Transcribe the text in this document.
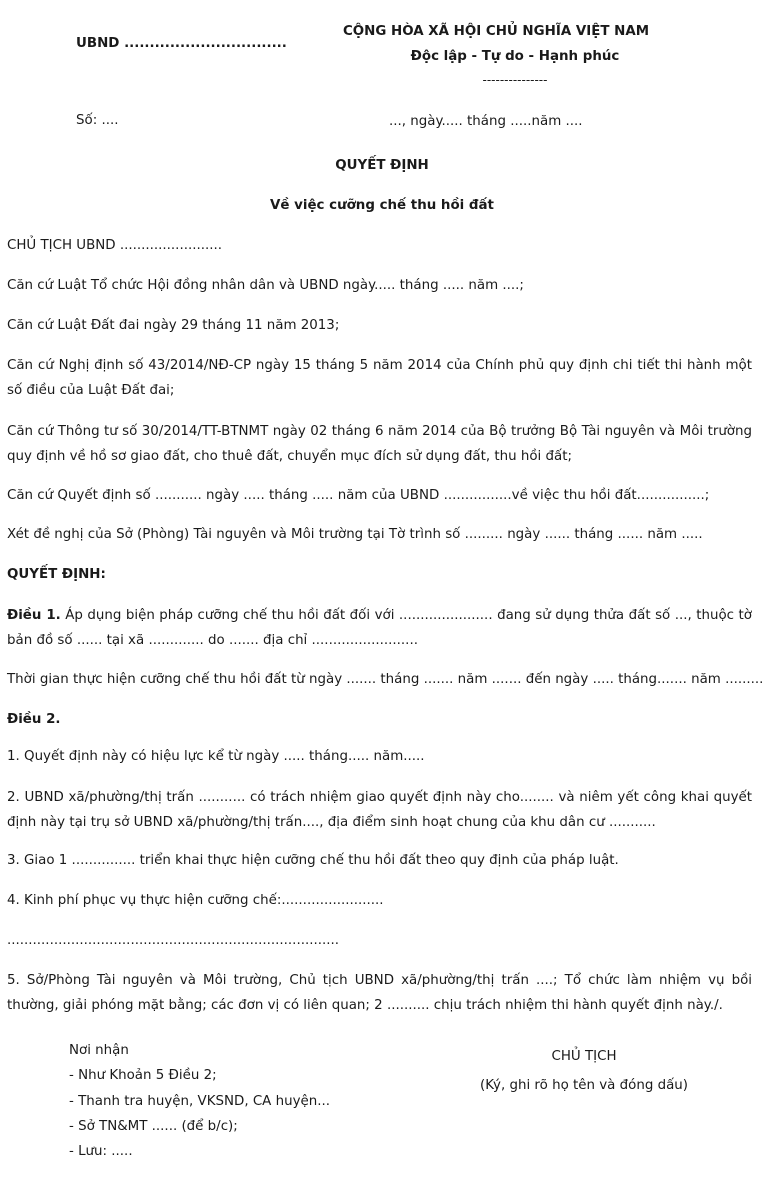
UBND ................................
CỘNG HÒA XÃ HỘI CHỦ NGHĨA VIỆT NAM
Độc lập - Tự do - Hạnh phúc
---------------
Số: ....	..., ngày..... tháng .....năm ....
QUYẾT ĐỊNH
Về việc cưỡng chế thu hồi đất
CHỦ TỊCH UBND ........................
Căn cứ Luật Tổ chức Hội đồng nhân dân và UBND ngày..... tháng ..... năm ....;
Căn cứ Luật Đất đai ngày 29 tháng 11 năm 2013;
Căn cứ Nghị định số 43/2014/NĐ-CP ngày 15 tháng 5 năm 2014 của Chính phủ quy định chi tiết thi hành một số điều của Luật Đất đai;
Căn cứ Thông tư số 30/2014/TT-BTNMT ngày 02 tháng 6 năm 2014 của Bộ trưởng Bộ Tài nguyên và Môi trường quy định về hồ sơ giao đất, cho thuê đất, chuyển mục đích sử dụng đất, thu hồi đất;
Căn cứ Quyết định số ........... ngày ..... tháng ..... năm của UBND ................về việc thu hồi đất................;
Xét đề nghị của Sở (Phòng) Tài nguyên và Môi trường tại Tờ trình số ......... ngày ...... tháng ...... năm .....
QUYẾT ĐỊNH:
Điều 1. Áp dụng biện pháp cưỡng chế thu hồi đất đối với ...................... đang sử dụng thửa đất số ..., thuộc tờ bản đồ số ...... tại xã ............. do ....... địa chỉ .........................
Thời gian thực hiện cưỡng chế thu hồi đất từ ngày ....... tháng ....... năm ....... đến ngày ..... tháng....... năm .........
Điều 2.
1. Quyết định này có hiệu lực kể từ ngày ..... tháng..... năm.....
2. UBND xã/phường/thị trấn ........... có trách nhiệm giao quyết định này cho........ và niêm yết công khai quyết định này tại trụ sở UBND xã/phường/thị trấn...., địa điểm sinh hoạt chung của khu dân cư ...........
3. Giao 1 ............... triển khai thực hiện cưỡng chế thu hồi đất theo quy định của pháp luật.
4. Kinh phí phục vụ thực hiện cưỡng chế:........................
..............................................................................
5. Sở/Phòng Tài nguyên và Môi trường, Chủ tịch UBND xã/phường/thị trấn ....; Tổ chức làm nhiệm vụ bồi thường, giải phóng mặt bằng; các đơn vị có liên quan; 2 .......... chịu trách nhiệm thi hành quyết định này./.
Nơi nhận
- Như Khoản 5 Điều 2;
- Thanh tra huyện, VKSND, CA huyện...
- Sở TN&MT ...... (để b/c);
- Lưu: .....
CHỦ TỊCH
(Ký, ghi rõ họ tên và đóng dấu)
